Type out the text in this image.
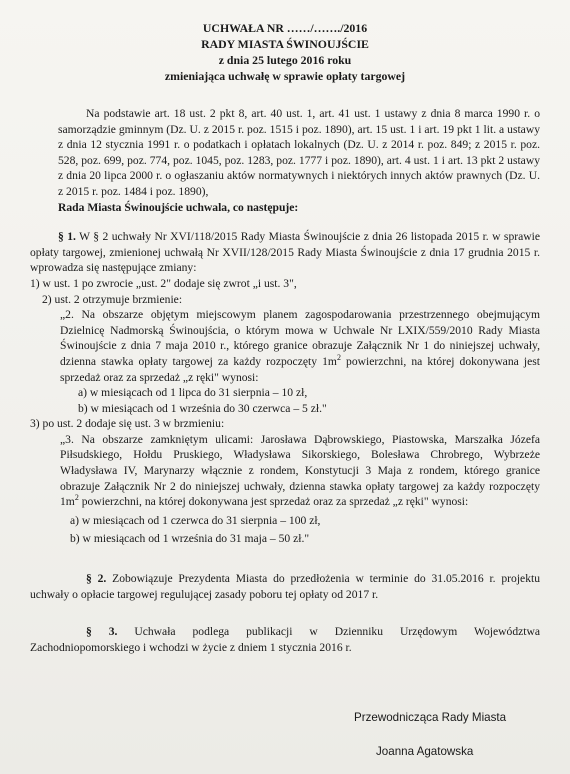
UCHWAŁA NR ……/……./2016
RADY MIASTA ŚWINOUJŚCIE
z dnia 25 lutego 2016 roku
zmieniająca uchwałę w sprawie opłaty targowej
Na podstawie art. 18 ust. 2 pkt 8, art. 40 ust. 1, art. 41 ust. 1 ustawy z dnia 8 marca 1990 r. o samorządzie gminnym (Dz. U. z 2015 r. poz. 1515 i poz. 1890), art. 15 ust. 1 i art. 19 pkt 1 lit. a ustawy z dnia 12 stycznia 1991 r. o podatkach i opłatach lokalnych (Dz. U. z 2014 r. poz. 849; z 2015 r. poz. 528, poz. 699, poz. 774, poz. 1045, poz. 1283, poz. 1777 i poz. 1890), art. 4 ust. 1 i art. 13 pkt 2 ustawy z dnia 20 lipca 2000 r. o ogłaszaniu aktów normatywnych i niektórych innych aktów prawnych (Dz. U. z 2015 r. poz. 1484 i poz. 1890),
Rada Miasta Świnoujście uchwala, co następuje:
§ 1. W § 2 uchwały Nr XVI/118/2015 Rady Miasta Świnoujście z dnia 26 listopada 2015 r. w sprawie opłaty targowej, zmienionej uchwałą Nr XVII/128/2015 Rady Miasta Świnoujście z dnia 17 grudnia 2015 r. wprowadza się następujące zmiany:
1) w ust. 1 po zwrocie „ust. 2" dodaje się zwrot „i ust. 3",
2) ust. 2 otrzymuje brzmienie:
„2. Na obszarze objętym miejscowym planem zagospodarowania przestrzennego obejmującym Dzielnicę Nadmorską Świnoujścia, o którym mowa w Uchwale Nr LXIX/559/2010 Rady Miasta Świnoujście z dnia 7 maja 2010 r., którego granice obrazuje Załącznik Nr 1 do niniejszej uchwały, dzienna stawka opłaty targowej za każdy rozpoczęty $1m^2$ powierzchni, na której dokonywana jest sprzedaż oraz za sprzedaż „z ręki" wynosi:
a) w miesiącach od 1 lipca do 31 sierpnia – 10 zł,
b) w miesiącach od 1 września do 30 czerwca – 5 zł."
3) po ust. 2 dodaje się ust. 3 w brzmieniu:
„3. Na obszarze zamkniętym ulicami: Jarosława Dąbrowskiego, Piastowska, Marszałka Józefa Piłsudskiego, Hołdu Pruskiego, Władysława Sikorskiego, Bolesława Chrobrego, Wybrzeże Władysława IV, Marynarzy włącznie z rondem, Konstytucji 3 Maja z rondem, którego granice obrazuje Załącznik Nr 2 do niniejszej uchwały, dzienna stawka opłaty targowej za każdy rozpoczęty $1m^2$ powierzchni, na której dokonywana jest sprzedaż oraz za sprzedaż „z ręki" wynosi:
a) w miesiącach od 1 czerwca do 31 sierpnia – 100 zł,
b) w miesiącach od 1 września do 31 maja – 50 zł."
§ 2. Zobowiązuje Prezydenta Miasta do przedłożenia w terminie do 31.05.2016 r. projektu uchwały o opłacie targowej regulującej zasady poboru tej opłaty od 2017 r.
§ 3. Uchwała podlega publikacji w Dzienniku Urzędowym Województwa Zachodniopomorskiego i wchodzi w życie z dniem 1 stycznia 2016 r.
Przewodnicząca Rady Miasta
Joanna Agatowska
